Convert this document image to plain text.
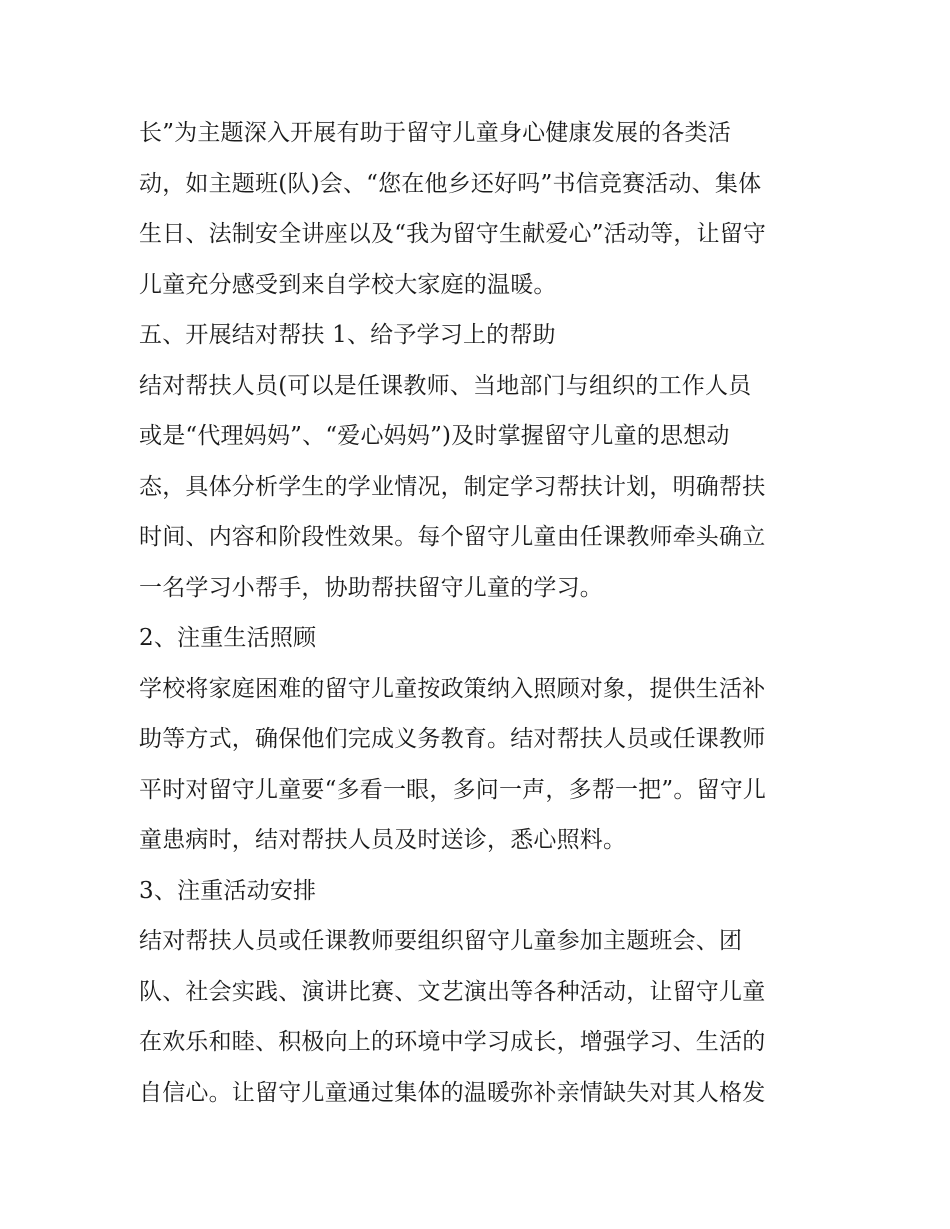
长”为主题深入开展有助于留守儿童身心健康发展的各类活
动，如主题班(队)会、“您在他乡还好吗”书信竞赛活动、集体
生日、法制安全讲座以及“我为留守生献爱心”活动等，让留守
儿童充分感受到来自学校大家庭的温暖。
五、开展结对帮扶 1、给予学习上的帮助
结对帮扶人员(可以是任课教师、当地部门与组织的工作人员
或是“代理妈妈”、“爱心妈妈”)及时掌握留守儿童的思想动
态，具体分析学生的学业情况，制定学习帮扶计划，明确帮扶
时间、内容和阶段性效果。每个留守儿童由任课教师牵头确立
一名学习小帮手，协助帮扶留守儿童的学习。
2、注重生活照顾
学校将家庭困难的留守儿童按政策纳入照顾对象，提供生活补
助等方式，确保他们完成义务教育。结对帮扶人员或任课教师
平时对留守儿童要“多看一眼，多问一声，多帮一把”。留守儿
童患病时，结对帮扶人员及时送诊，悉心照料。
3、注重活动安排
结对帮扶人员或任课教师要组织留守儿童参加主题班会、团
队、社会实践、演讲比赛、文艺演出等各种活动，让留守儿童
在欢乐和睦、积极向上的环境中学习成长，增强学习、生活的
自信心。让留守儿童通过集体的温暖弥补亲情缺失对其人格发
